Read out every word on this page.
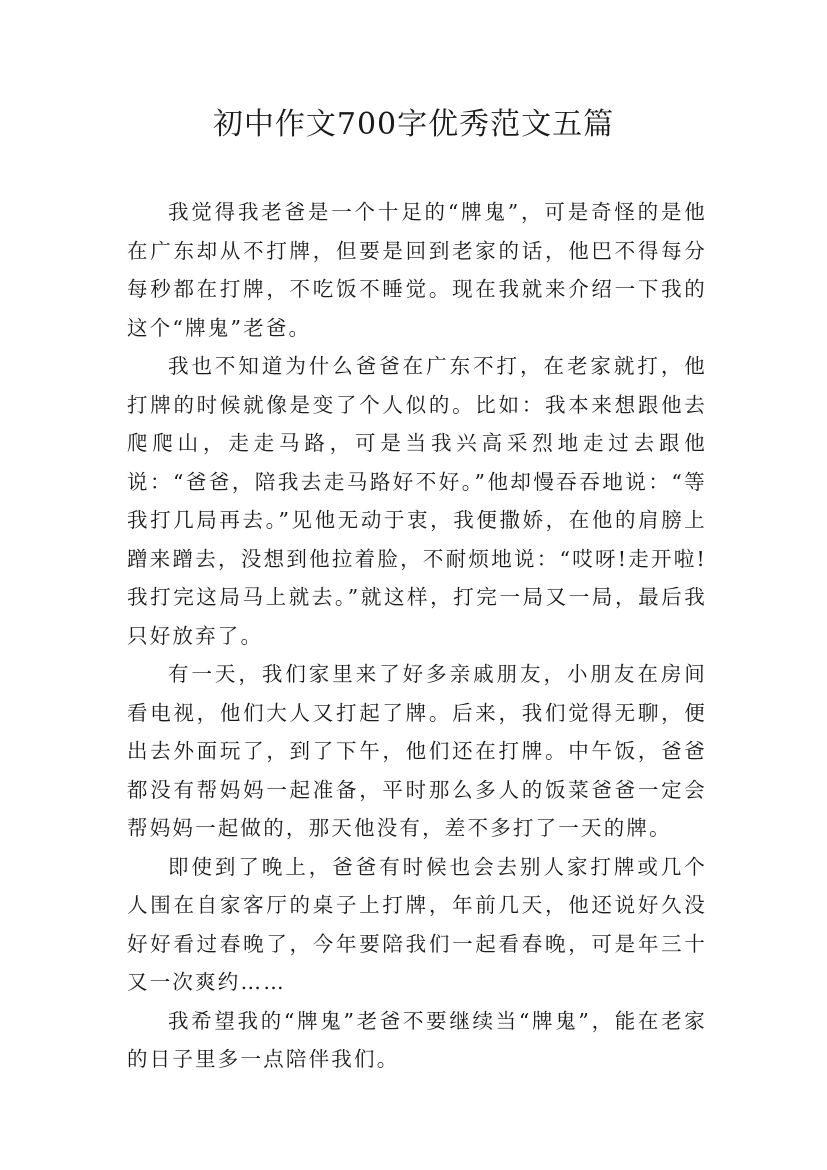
初中作文700字优秀范文五篇

我觉得我老爸是一个十足的“牌鬼”，可是奇怪的是他在广东却从不打牌，但要是回到老家的话，他巴不得每分每秒都在打牌，不吃饭不睡觉。现在我就来介绍一下我的这个“牌鬼”老爸。

我也不知道为什么爸爸在广东不打，在老家就打，他打牌的时候就像是变了个人似的。比如：我本来想跟他去爬爬山，走走马路，可是当我兴高采烈地走过去跟他说：“爸爸，陪我去走马路好不好。”他却慢吞吞地说：“等我打几局再去。”见他无动于衷，我便撒娇，在他的肩膀上蹭来蹭去，没想到他拉着脸，不耐烦地说：“哎呀!走开啦!我打完这局马上就去。”就这样，打完一局又一局，最后我只好放弃了。

有一天，我们家里来了好多亲戚朋友，小朋友在房间看电视，他们大人又打起了牌。后来，我们觉得无聊，便出去外面玩了，到了下午，他们还在打牌。中午饭，爸爸都没有帮妈妈一起准备，平时那么多人的饭菜爸爸一定会帮妈妈一起做的，那天他没有，差不多打了一天的牌。

即使到了晚上，爸爸有时候也会去别人家打牌或几个人围在自家客厅的桌子上打牌，年前几天，他还说好久没好好看过春晚了，今年要陪我们一起看春晚，可是年三十又一次爽约……

我希望我的“牌鬼”老爸不要继续当“牌鬼”，能在老家的日子里多一点陪伴我们。
